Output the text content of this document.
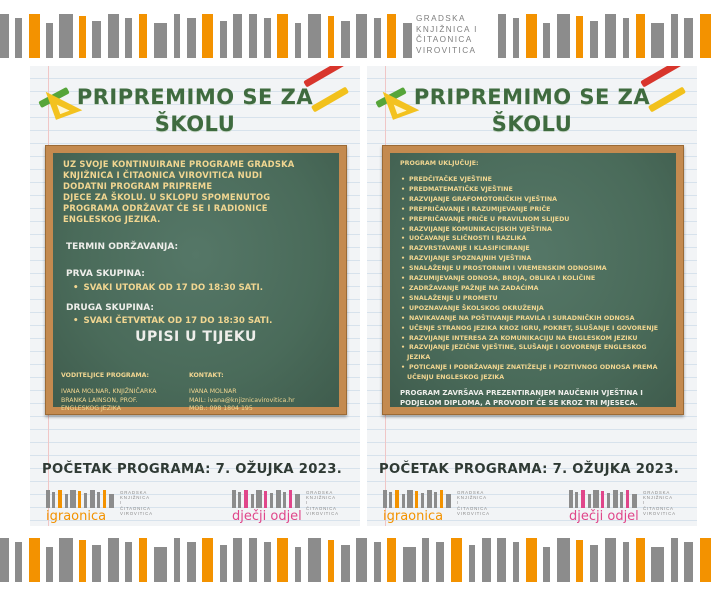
GRADSKA
KNJIŽNICA I
ČITAONICA
VIROVITICA
PRIPREMIMO SE ZA
ŠKOLU
UZ SVOJE KONTINUIRANE PROGRAME GRADSKA
KNJIŽNICA I ČITAONICA VIROVITICA NUDI
DODATNI PROGRAM PRIPREME
DJECE ZA ŠKOLU. U SKLOPU SPOMENUTOG
PROGRAMA ODRŽAVAT ĆE SE I RADIONICE
ENGLESKOG JEZIKA.
TERMIN ODRŽAVANJA:
PRVA SKUPINA:
• SVAKI UTORAK OD 17 DO 18:30 SATI.
DRUGA SKUPINA:
• SVAKI ČETVRTAK OD 17 DO 18:30 SATI.
UPISI U TIJEKU
VODITELJICE PROGRAMA:
IVANA MOLNAR, KNJIŽNIČARKA
BRANKA LAINSON, PROF.
ENGLESKOG JEZIKA
KONTAKT:
IVANA MOLNAR
MAIL: ivana@knjiznicavirovitica.hr
MOB.: 098 1804 195
POČETAK PROGRAMA: 7. OŽUJKA 2023.
GRADSKA
KNJIŽNICA I
ČITAONICA
VIROVITICA
igraonica
GRADSKA
KNJIŽNICA I
ČITAONICA
VIROVITICA
dječji odjel
PRIPREMIMO SE ZA
ŠKOLU
PROGRAM UKLJUČUJE:
• PREDČITAČKE VJEŠTINE
• PREDMATEMATIČKE VJEŠTINE
• RAZVIJANJE GRAFOMOTORIČKIH VJEŠTINA
• PREPRIČAVANJE I RAZUMIJEVANJE PRIČE
• PREPRIČAVANJE PRIČE U PRAVILNOM SLIJEDU
• RAZVIJANJE KOMUNIKACIJSKIH VJEŠTINA
• UOČAVANJE SLIČNOSTI I RAZLIKA
• RAZVRSTAVANJE I KLASIFICIRANJE
• RAZVIJANJE SPOZNAJNIH VJEŠTINA
• SNALAŽENJE U PROSTORNIM I VREMENSKIM ODNOSIMA
• RAZUMIJEVANJE ODNOSA, BROJA, OBLIKA I KOLIČINE
• ZADRŽAVANJE PAŽNJE NA ZADAĆIMA
• SNALAŽENJE U PROMETU
• UPOZNAVANJE ŠKOLSKOG OKRUŽENJA
• NAVIKAVANJE NA POŠTIVANJE PRAVILA I SURADNIČKIH ODNOSA
• UČENJE STRANOG JEZIKA KROZ IGRU, POKRET, SLUŠANJE I GOVORENJE
• RAZVIJANJE INTERESA ZA KOMUNIKACIJU NA ENGLESKOM JEZIKU
• RAZVIJANJE JEZIČNE VJEŠTINE, SLUŠANJE I GOVORENJE ENGLESKOG
JEZIKA
• POTICANJE I PODRŽAVANJE ZNATIŽELJE I POZITIVNOG ODNOSA PREMA
UČENJU ENGLESKOG JEZIKA
PROGRAM ZAVRŠAVA PREZENTIRANJEM NAUČENIH VJEŠTINA I
PODJELOM DIPLOMA, A PROVODIT ĆE SE KROZ TRI MJESECA.
POČETAK PROGRAMA: 7. OŽUJKA 2023.
GRADSKA
KNJIŽNICA I
ČITAONICA
VIROVITICA
igraonica
GRADSKA
KNJIŽNICA I
ČITAONICA
VIROVITICA
dječji odjel
